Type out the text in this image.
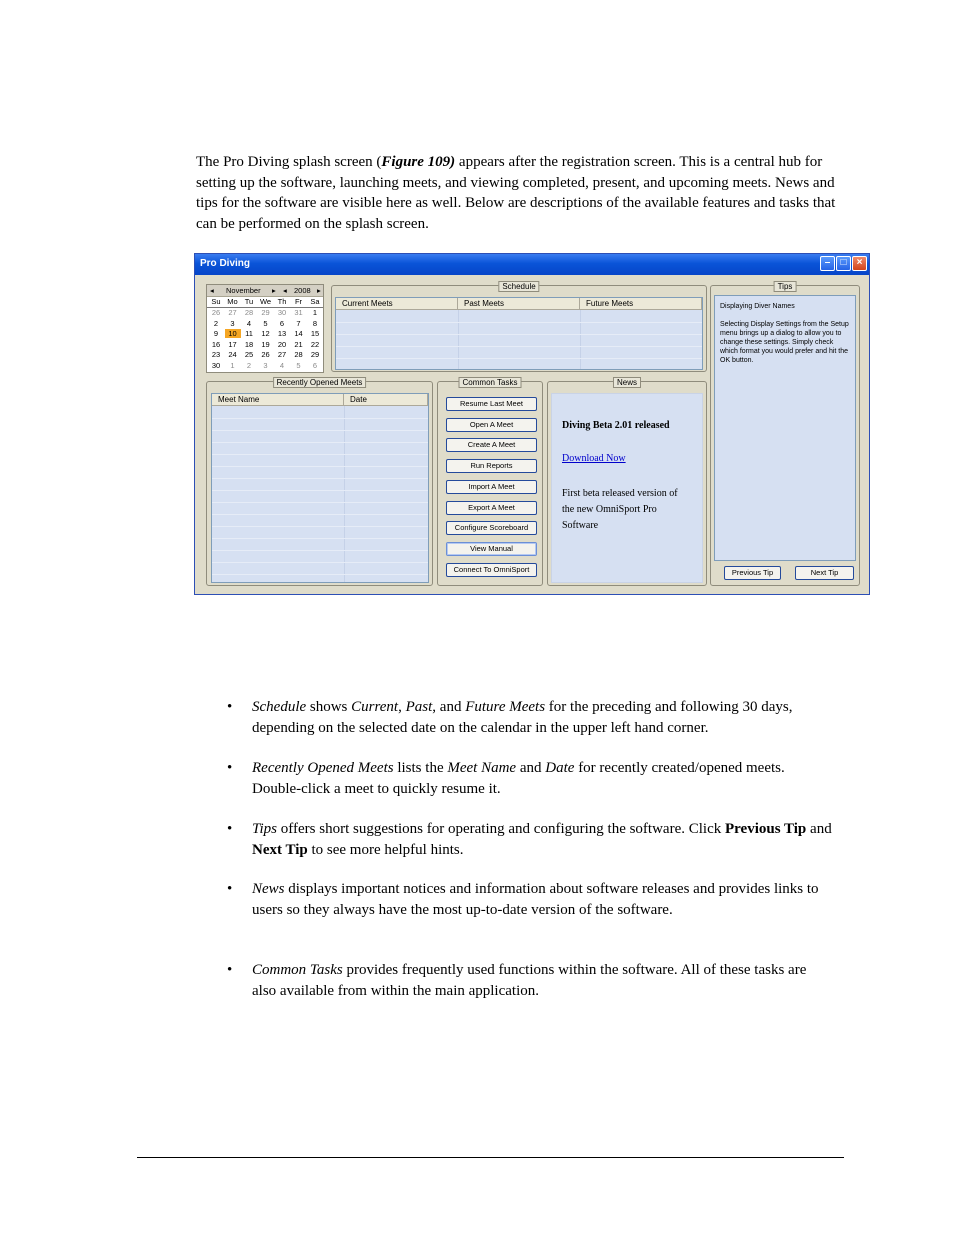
The Pro Diving splash screen (Figure 109) appears after the registration screen. This is a central hub for setting up the software, launching meets, and viewing completed, present, and upcoming meets. News and tips for the software are visible here as well. Below are descriptions of the available features and tasks that can be performed on the splash screen.

Pro Diving	–	□	×
◂ November ▸ ◂ 2008 ▸
Su Mo Tu We Th	Fr	Sa
26	27	28	29	30	31	1
2	3	4	5	6	7	8
9	10	11	12	13	14	15
16	17	18	19	20	21	22
23	24	25	26	27	28	29
30	1	2	3	4	5	6
Schedule
Current Meets	Past Meets	Future Meets
Tips
Displaying Diver Names
Selecting Display Settings from the Setup menu brings up a dialog to allow you to change these settings. Simply check which format you would prefer and hit the OK button.
Previous Tip	Next Tip
Recently Opened Meets
Meet Name	Date
Common Tasks
Resume Last Meet
Open A Meet
Create A Meet
Run Reports
Import A Meet
Export A Meet
Configure Scoreboard
View Manual
Connect To OmniSport
News
Diving Beta 2.01 released
Download Now
First beta released version of the new OmniSport Pro Software
• Schedule shows Current, Past, and Future Meets for the preceding and following 30 days, depending on the selected date on the calendar in the upper left hand corner.
• Recently Opened Meets lists the Meet Name and Date for recently created/opened meets. Double-click a meet to quickly resume it.
• Tips offers short suggestions for operating and configuring the software. Click Previous Tip and Next Tip to see more helpful hints.
• News displays important notices and information about software releases and provides links to users so they always have the most up-to-date version of the software.
• Common Tasks provides frequently used functions within the software. All of these tasks are also available from within the main application.
